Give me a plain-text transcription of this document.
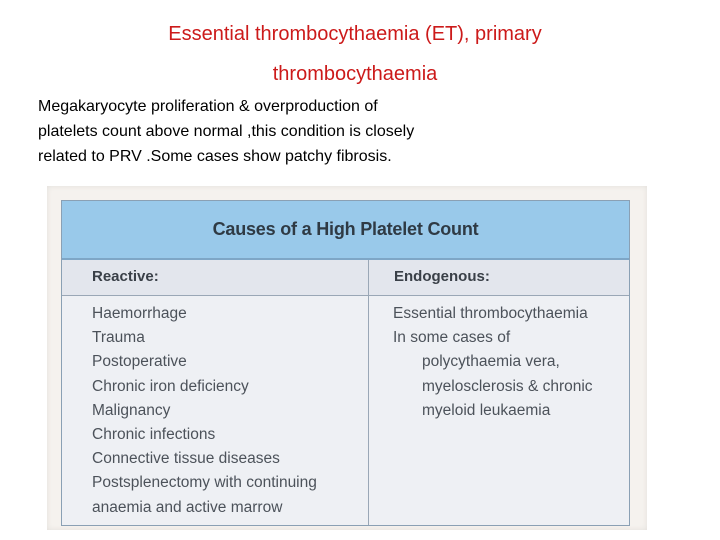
Essential thrombocythaemia (ET), primary
thrombocythaemia
Megakaryocyte proliferation & overproduction of
platelets count above normal ,this condition is closely
related to PRV .Some cases show patchy fibrosis.
Causes of a High Platelet Count
Reactive:	Endogenous:
Haemorrhage
Trauma
Postoperative
Chronic iron deficiency
Malignancy
Chronic infections
Connective tissue diseases
Postsplenectomy with continuing
anaemia and active marrow
Essential thrombocythaemia
In some cases of
polycythaemia vera,
myelosclerosis & chronic
myeloid leukaemia
